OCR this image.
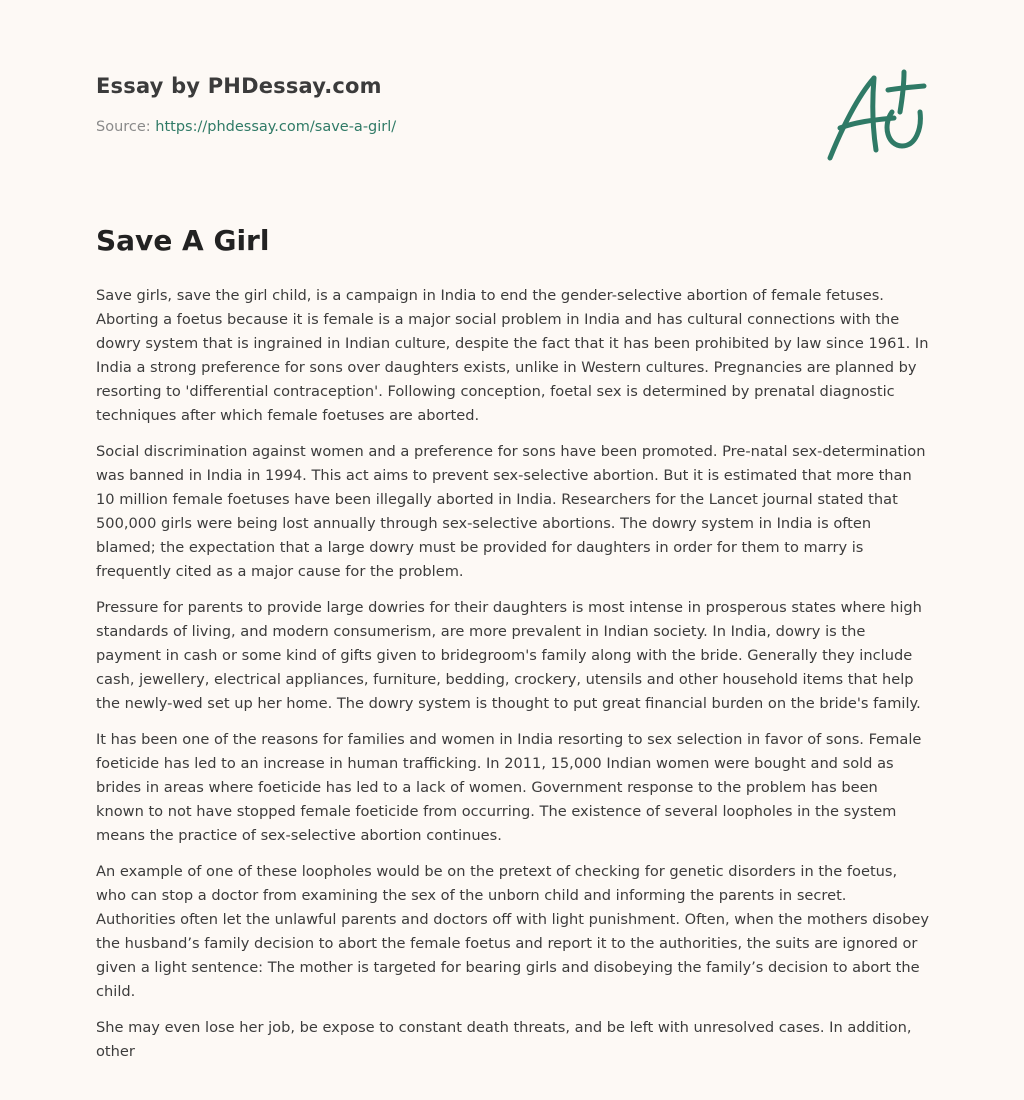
Essay by PHDessay.com
Source: https://phdessay.com/save-a-girl/
Save A Girl

Save girls, save the girl child, is a campaign in India to end the gender-selective abortion of female fetuses. Aborting a foetus because it is female is a major social problem in India and has cultural connections with the dowry system that is ingrained in Indian culture, despite the fact that it has been prohibited by law since 1961. In India a strong preference for sons over daughters exists, unlike in Western cultures. Pregnancies are planned by resorting to 'differential contraception'. Following conception, foetal sex is determined by prenatal diagnostic techniques after which female foetuses are aborted.

Social discrimination against women and a preference for sons have been promoted. Pre-natal sex-determination was banned in India in 1994. This act aims to prevent sex-selective abortion. But it is estimated that more than 10 million female foetuses have been illegally aborted in India. Researchers for the Lancet journal stated that 500,000 girls were being lost annually through sex-selective abortions. The dowry system in India is often blamed; the expectation that a large dowry must be provided for daughters in order for them to marry is frequently cited as a major cause for the problem.

Pressure for parents to provide large dowries for their daughters is most intense in prosperous states where high standards of living, and modern consumerism, are more prevalent in Indian society. In India, dowry is the payment in cash or some kind of gifts given to bridegroom's family along with the bride. Generally they include cash, jewellery, electrical appliances, furniture, bedding, crockery, utensils and other household items that help the newly-wed set up her home. The dowry system is thought to put great financial burden on the bride's family.

It has been one of the reasons for families and women in India resorting to sex selection in favor of sons. Female foeticide has led to an increase in human trafficking. In 2011, 15,000 Indian women were bought and sold as brides in areas where foeticide has led to a lack of women. Government response to the problem has been known to not have stopped female foeticide from occurring. The existence of several loopholes in the system means the practice of sex-selective abortion continues.

An example of one of these loopholes would be on the pretext of checking for genetic disorders in the foetus, who can stop a doctor from examining the sex of the unborn child and informing the parents in secret. Authorities often let the unlawful parents and doctors off with light punishment. Often, when the mothers disobey the husband’s family decision to abort the female foetus and report it to the authorities, the suits are ignored or given a light sentence: The mother is targeted for bearing girls and disobeying the family’s decision to abort the child.

She may even lose her job, be expose to constant death threats, and be left with unresolved cases. In addition, other
